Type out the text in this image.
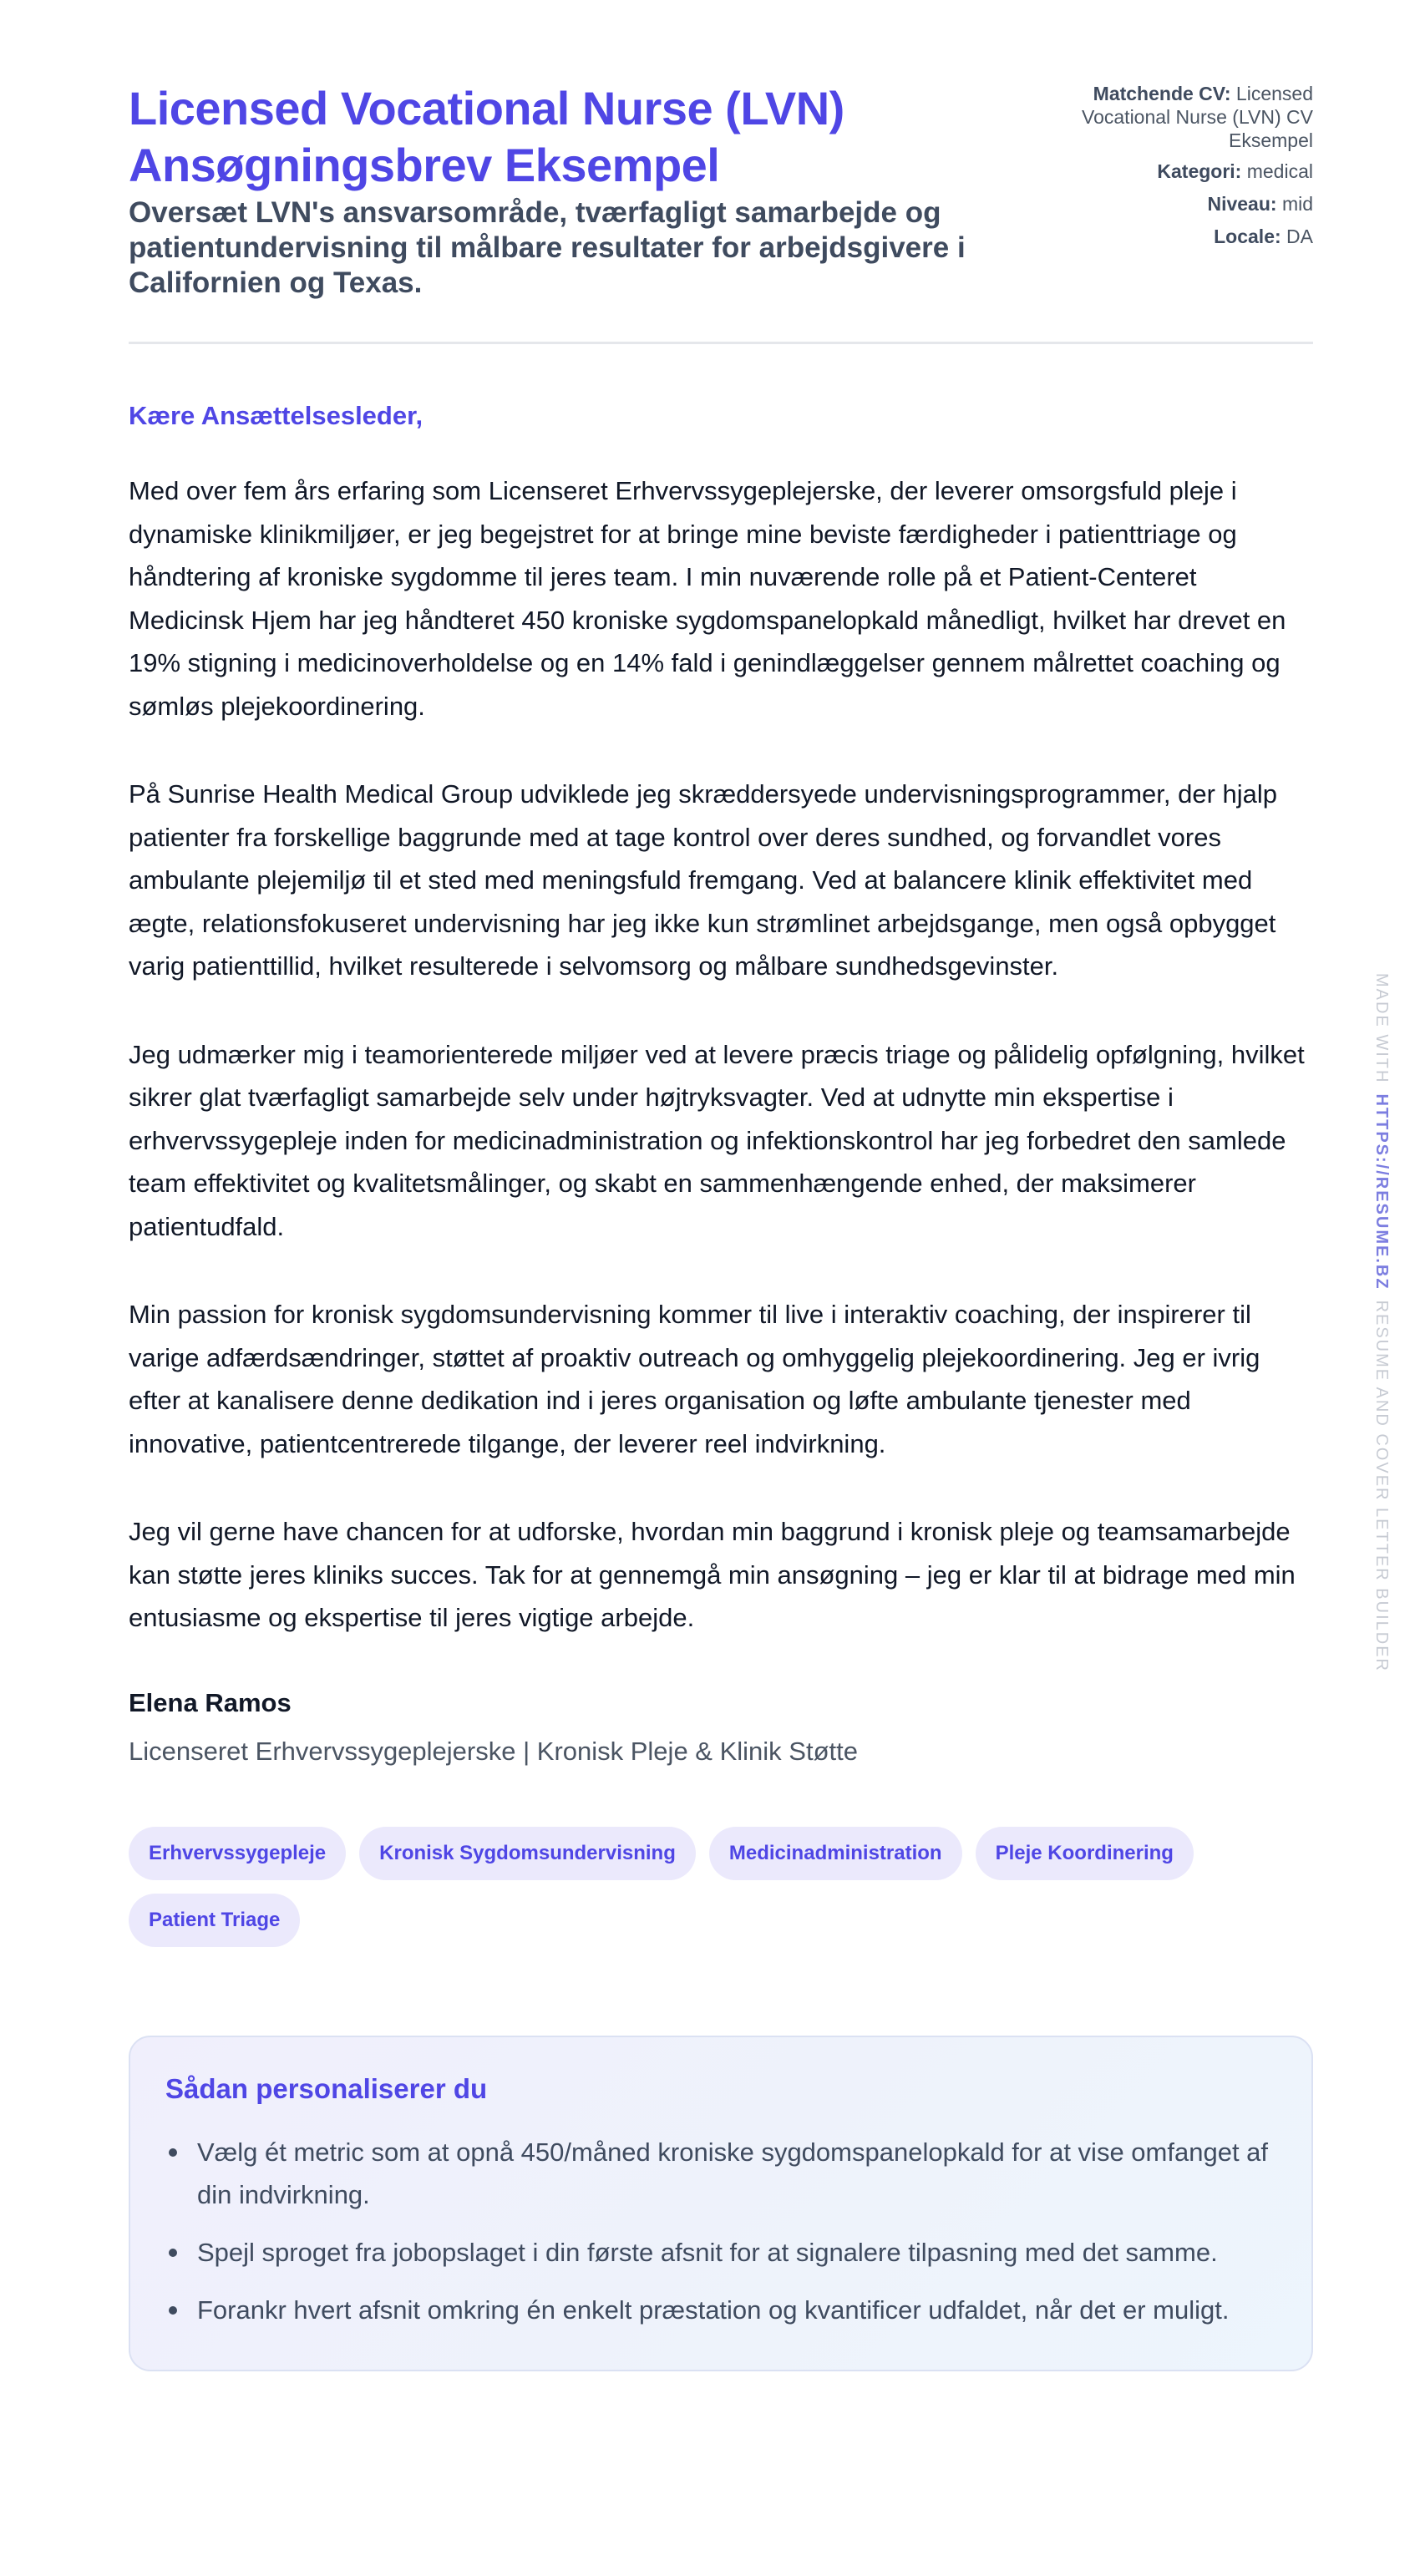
Licensed Vocational Nurse (LVN) Ansøgningsbrev Eksempel
Oversæt LVN's ansvarsområde, tværfagligt samarbejde og patientundervisning til målbare resultater for arbejdsgivere i Californien og Texas.
Matchende CV: Licensed Vocational Nurse (LVN) CV Eksempel
Kategori: medical
Niveau: mid
Locale: DA
Kære Ansættelsesleder,

Med over fem års erfaring som Licenseret Erhvervssygeplejerske, der leverer omsorgsfuld pleje i dynamiske klinikmiljøer, er jeg begejstret for at bringe mine beviste færdigheder i patienttriage og håndtering af kroniske sygdomme til jeres team. I min nuværende rolle på et Patient-Centeret Medicinsk Hjem har jeg håndteret 450 kroniske sygdomspanelopkald månedligt, hvilket har drevet en 19% stigning i medicinoverholdelse og en 14% fald i genindlæggelser gennem målrettet coaching og sømløs plejekoordinering.

På Sunrise Health Medical Group udviklede jeg skræddersyede undervisningsprogrammer, der hjalp patienter fra forskellige baggrunde med at tage kontrol over deres sundhed, og forvandlet vores ambulante plejemiljø til et sted med meningsfuld fremgang. Ved at balancere klinik effektivitet med ægte, relationsfokuseret undervisning har jeg ikke kun strømlinet arbejdsgange, men også opbygget varig patienttillid, hvilket resulterede i selvomsorg og målbare sundhedsgevinster.

Jeg udmærker mig i teamorienterede miljøer ved at levere præcis triage og pålidelig opfølgning, hvilket sikrer glat tværfagligt samarbejde selv under højtryksvagter. Ved at udnytte min ekspertise i erhvervssygepleje inden for medicinadministration og infektionskontrol har jeg forbedret den samlede team effektivitet og kvalitetsmålinger, og skabt en sammenhængende enhed, der maksimerer patientudfald.

Min passion for kronisk sygdomsundervisning kommer til live i interaktiv coaching, der inspirerer til varige adfærdsændringer, støttet af proaktiv outreach og omhyggelig plejekoordinering. Jeg er ivrig efter at kanalisere denne dedikation ind i jeres organisation og løfte ambulante tjenester med innovative, patientcentrerede tilgange, der leverer reel indvirkning.

Jeg vil gerne have chancen for at udforske, hvordan min baggrund i kronisk pleje og teamsamarbejde kan støtte jeres kliniks succes. Tak for at gennemgå min ansøgning – jeg er klar til at bidrage med min entusiasme og ekspertise til jeres vigtige arbejde.

Elena Ramos
Licenseret Erhvervssygeplejerske | Kronisk Pleje & Klinik Støtte
Erhvervssygepleje	Kronisk Sygdomsundervisning	Medicinadministration	Pleje Koordinering
Patient Triage
Sådan personaliserer du
Vælg ét metric som at opnå 450/måned kroniske sygdomspanelopkald for at vise omfanget af din indvirkning.
Spejl sproget fra jobopslaget i din første afsnit for at signalere tilpasning med det samme.
Forankr hvert afsnit omkring én enkelt præstation og kvantificer udfaldet, når det er muligt.
MADE WITHHTTPS://RESUME.BZRESUME AND COVER LETTER BUILDER
